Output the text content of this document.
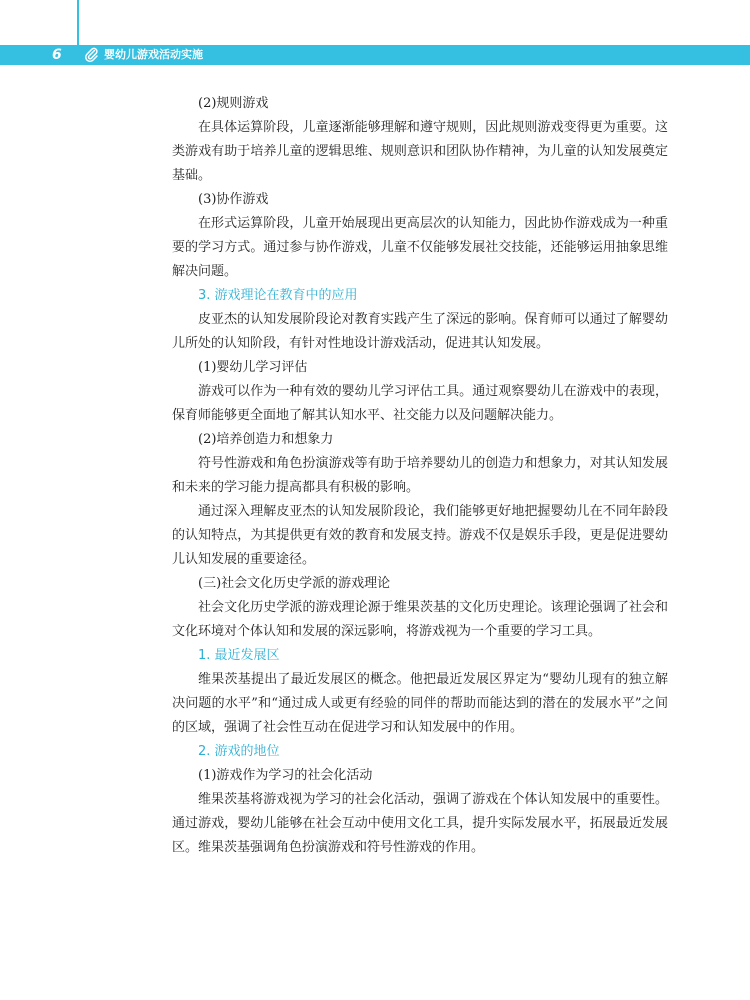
6	婴幼儿游戏活动实施

(2)规则游戏

在具体运算阶段，儿童逐渐能够理解和遵守规则，因此规则游戏变得更为重要。这类游戏有助于培养儿童的逻辑思维、规则意识和团队协作精神，为儿童的认知发展奠定基础。

(3)协作游戏

在形式运算阶段，儿童开始展现出更高层次的认知能力，因此协作游戏成为一种重要的学习方式。通过参与协作游戏，儿童不仅能够发展社交技能，还能够运用抽象思维解决问题。

3. 游戏理论在教育中的应用

皮亚杰的认知发展阶段论对教育实践产生了深远的影响。保育师可以通过了解婴幼儿所处的认知阶段，有针对性地设计游戏活动，促进其认知发展。

(1)婴幼儿学习评估

游戏可以作为一种有效的婴幼儿学习评估工具。通过观察婴幼儿在游戏中的表现，保育师能够更全面地了解其认知水平、社交能力以及问题解决能力。

(2)培养创造力和想象力

符号性游戏和角色扮演游戏等有助于培养婴幼儿的创造力和想象力，对其认知发展和未来的学习能力提高都具有积极的影响。

通过深入理解皮亚杰的认知发展阶段论，我们能够更好地把握婴幼儿在不同年龄段的认知特点，为其提供更有效的教育和发展支持。游戏不仅是娱乐手段，更是促进婴幼儿认知发展的重要途径。

(三)社会文化历史学派的游戏理论

社会文化历史学派的游戏理论源于维果茨基的文化历史理论。该理论强调了社会和文化环境对个体认知和发展的深远影响，将游戏视为一个重要的学习工具。

1. 最近发展区

维果茨基提出了最近发展区的概念。他把最近发展区界定为“婴幼儿现有的独立解决问题的水平”和“通过成人或更有经验的同伴的帮助而能达到的潜在的发展水平”之间的区域，强调了社会性互动在促进学习和认知发展中的作用。

2. 游戏的地位

(1)游戏作为学习的社会化活动

维果茨基将游戏视为学习的社会化活动，强调了游戏在个体认知发展中的重要性。通过游戏，婴幼儿能够在社会互动中使用文化工具，提升实际发展水平，拓展最近发展区。维果茨基强调角色扮演游戏和符号性游戏的作用。
